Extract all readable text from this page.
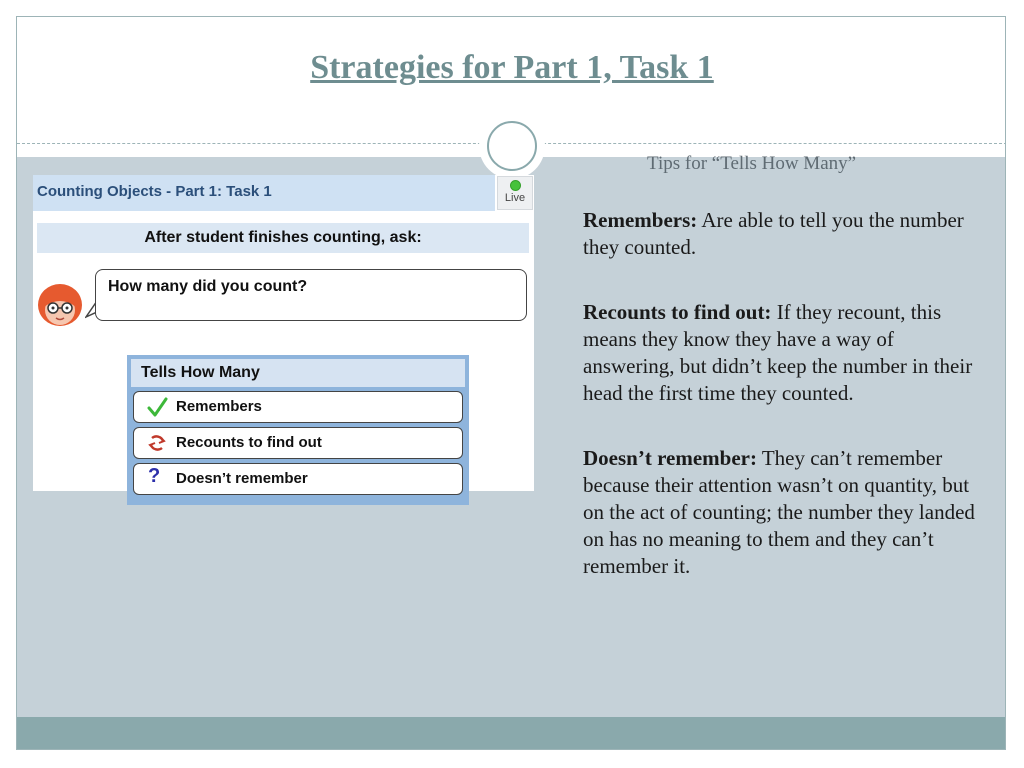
Strategies for Part 1, Task 1
Tips for “Tells How Many”

Remembers: Are able to tell you the number they counted.

Recounts to find out: If they recount, this means they know they have a way of answering, but didn’t keep the number in their head the first time they counted.

Doesn’t remember: They can’t remember because their attention wasn’t on quantity, but on the act of counting; the number they landed on has no meaning to them and they can’t remember it.

Counting Objects - Part 1: Task 1	Live
After student finishes counting, ask:
How many did you count?
Tells How Many
Remembers
Recounts to find out
? Doesn’t remember
